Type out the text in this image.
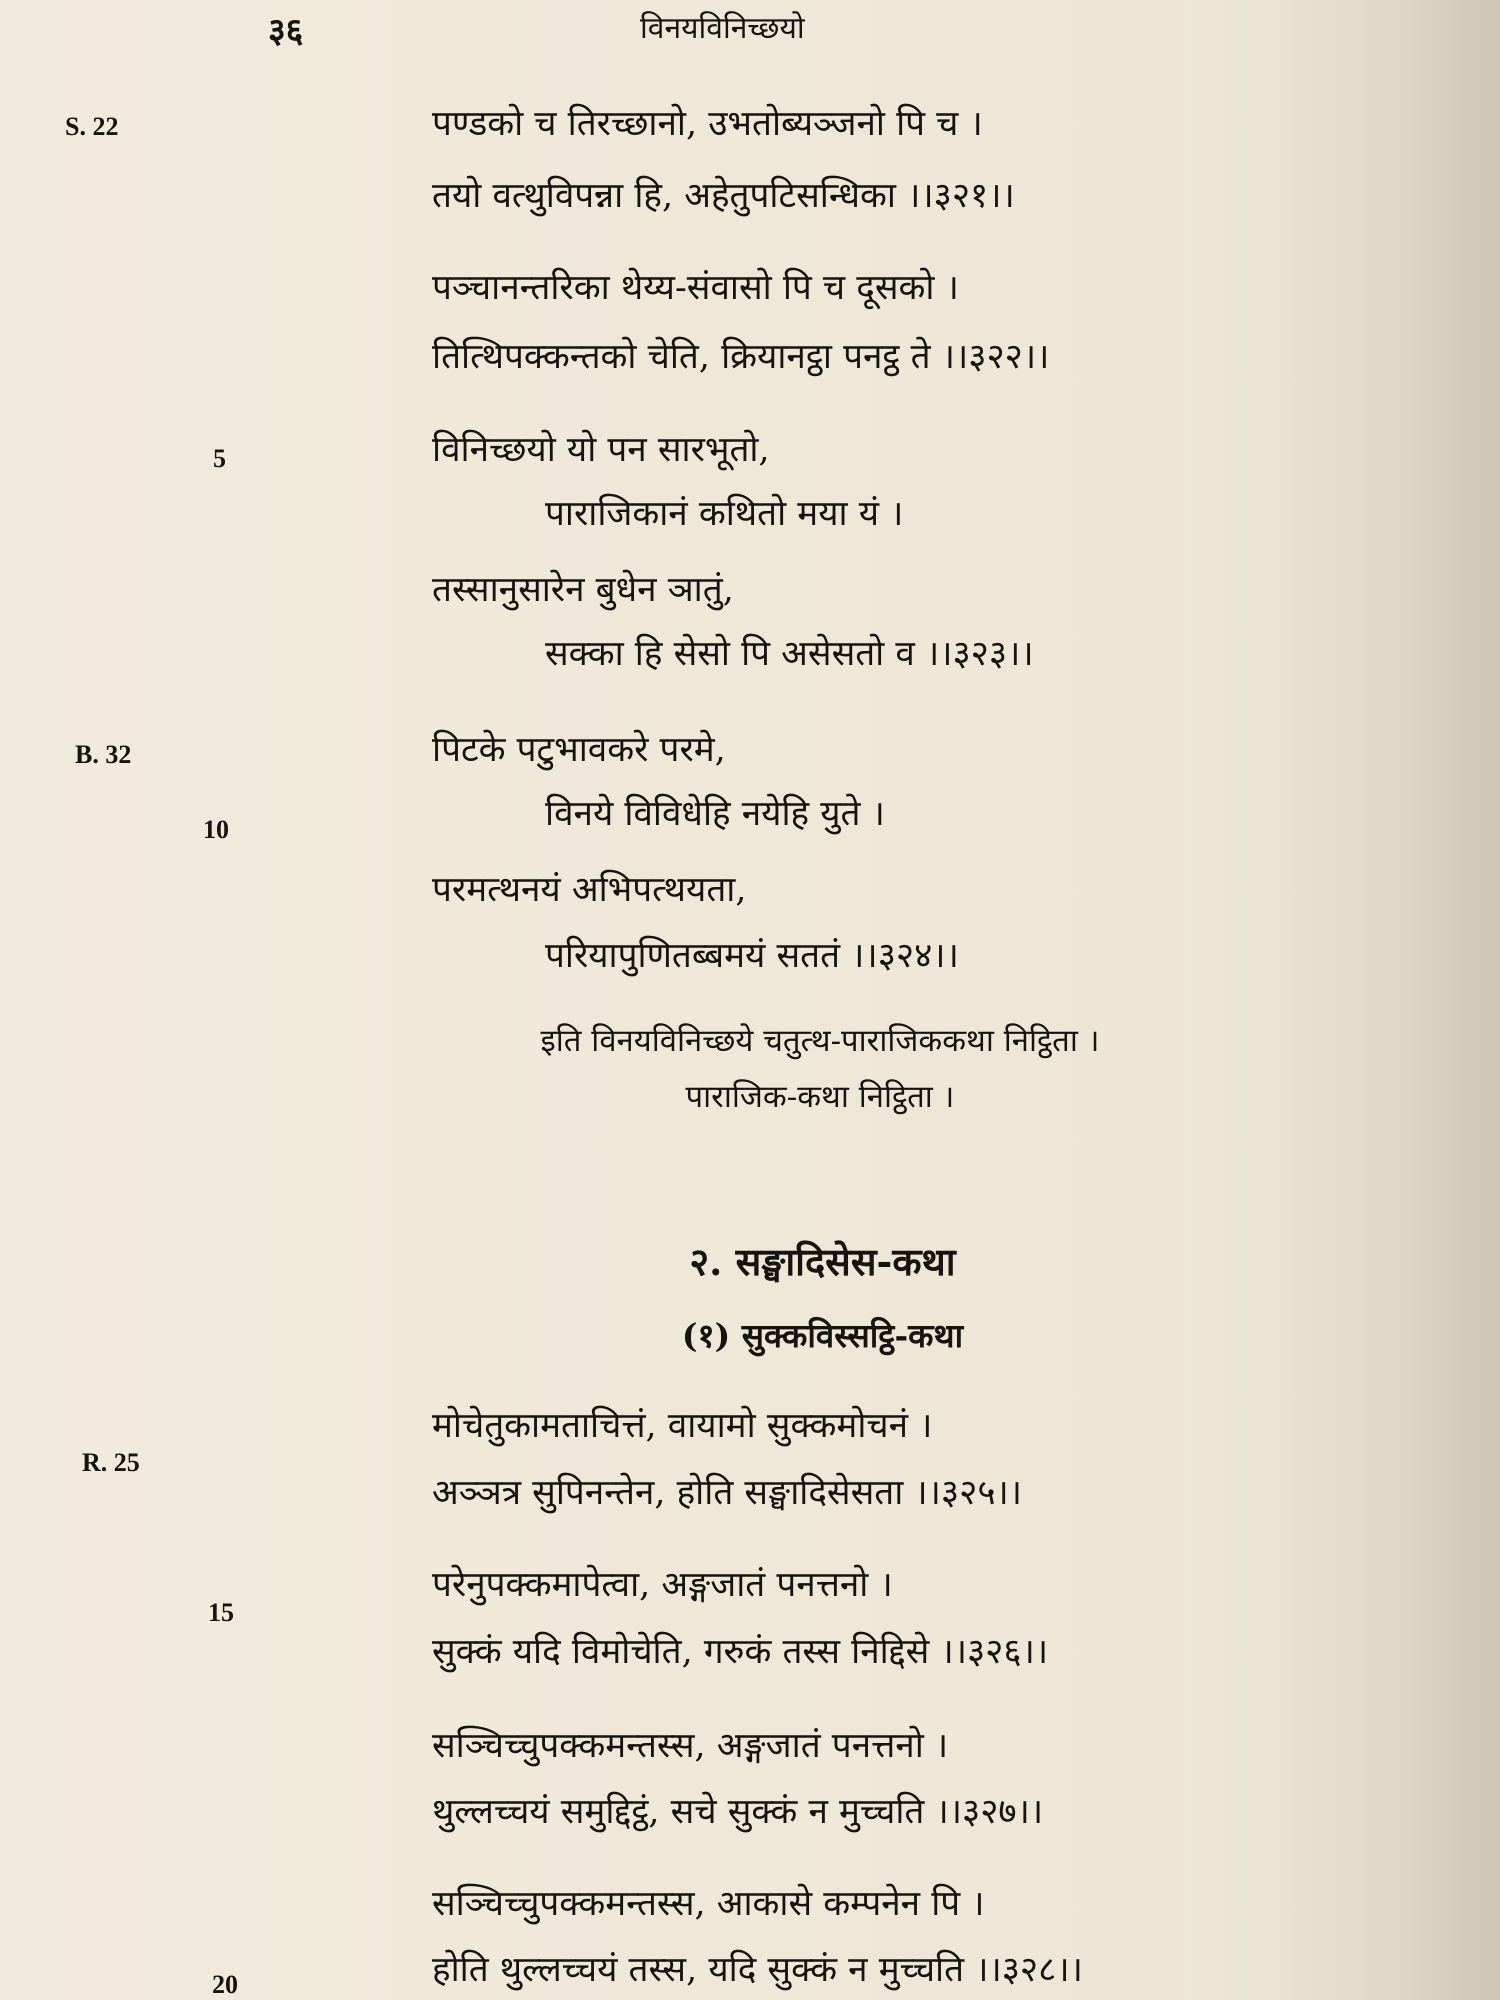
३६	विनयविनिच्छयो
S. 22
B. 32
R. 25
5
10
15
20
पण्डको च तिरच्छानो, उभतोब्यञ्जनो पि च ।
तयो वत्थुविपन्ना हि, अहेतुपटिसन्धिका ।।३२१।।
पञ्चानन्तरिका थेय्य-संवासो पि च दूसको ।
तित्थिपक्कन्तको चेति, क्रियानट्ठा पनट्ठ ते ।।३२२।।
विनिच्छयो यो पन सारभूतो,
पाराजिकानं कथितो मया यं ।
तस्सानुसारेन बुधेन ञातुं,
सक्का हि सेसो पि असेसतो व ।।३२३।।
पिटके पटुभावकरे परमे,
विनये विविधेहि नयेहि युते ।
परमत्थनयं अभिपत्थयता,
परियापुणितब्बमयं सततं ।।३२४।।
इति विनयविनिच्छये चतुत्थ-पाराजिककथा निट्ठिता ।
पाराजिक-कथा निट्ठिता ।
२. सङ्घादिसेस-कथा
(१) सुक्कविस्सट्ठि-कथा
मोचेतुकामताचित्तं, वायामो सुक्कमोचनं ।
अञ्ञत्र सुपिनन्तेन, होति सङ्घादिसेसता ।।३२५।।
परेनुपक्कमापेत्वा, अङ्गजातं पनत्तनो ।
सुक्कं यदि विमोचेति, गरुकं तस्स निद्दिसे ।।३२६।।
सञ्चिच्चुपक्कमन्तस्स, अङ्गजातं पनत्तनो ।
थुल्लच्चयं समुद्दिट्ठं, सचे सुक्कं न मुच्चति ।।३२७।।
सञ्चिच्चुपक्कमन्तस्स, आकासे कम्पनेन पि ।
होति थुल्लच्चयं तस्स, यदि सुक्कं न मुच्चति ।।३२८।।
